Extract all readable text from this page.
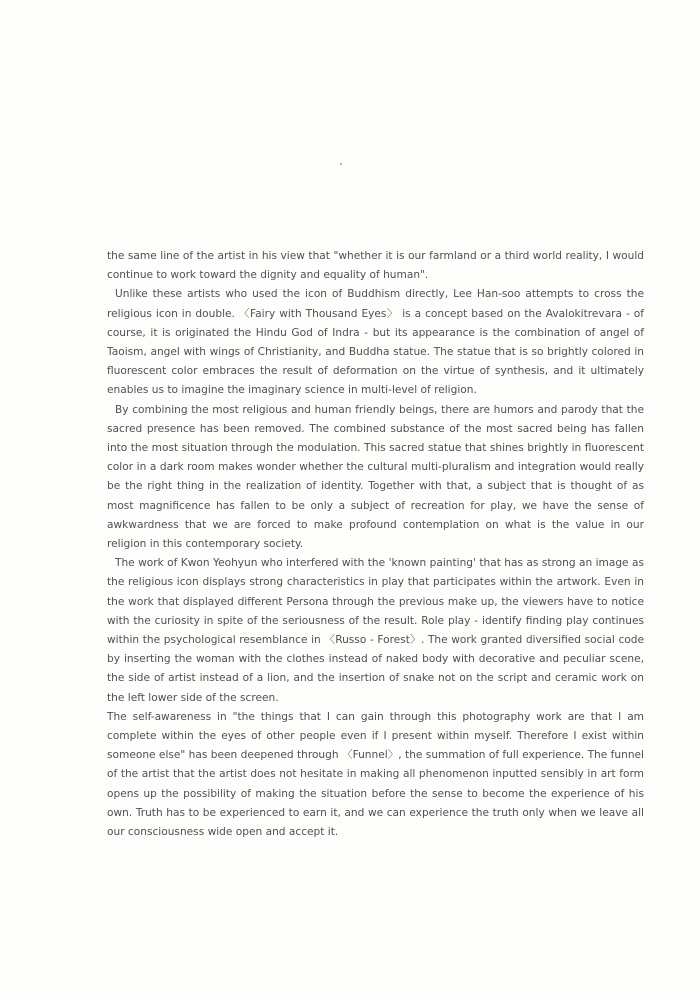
the same line of the artist in his view that "whether it is our farmland or a third world reality, I would continue to work toward the dignity and equality of human".

Unlike these artists who used the icon of Buddhism directly, Lee Han-soo attempts to cross the religious icon in double. 〈Fairy with Thousand Eyes〉 is a concept based on the Avalokitrevara - of course, it is originated the Hindu God of Indra - but its appearance is the combination of angel of Taoism, angel with wings of Christianity, and Buddha statue. The statue that is so brightly colored in fluorescent color embraces the result of deformation on the virtue of synthesis, and it ultimately enables us to imagine the imaginary science in multi-level of religion.

By combining the most religious and human friendly beings, there are humors and parody that the sacred presence has been removed. The combined substance of the most sacred being has fallen into the most situation through the modulation. This sacred statue that shines brightly in fluorescent color in a dark room makes wonder whether the cultural multi-pluralism and integration would really be the right thing in the realization of identity. Together with that, a subject that is thought of as most magnificence has fallen to be only a subject of recreation for play, we have the sense of awkwardness that we are forced to make profound contemplation on what is the value in our religion in this contemporary society.

The work of Kwon Yeohyun who interfered with the 'known painting' that has as strong an image as the religious icon displays strong characteristics in play that participates within the artwork. Even in the work that displayed different Persona through the previous make up, the viewers have to notice with the curiosity in spite of the seriousness of the result. Role play - identify finding play continues within the psychological resemblance in 〈Russo - Forest〉. The work granted diversified social code by inserting the woman with the clothes instead of naked body with decorative and peculiar scene, the side of artist instead of a lion, and the insertion of snake not on the script and ceramic work on the left lower side of the screen.

The self-awareness in "the things that I can gain through this photography work are that I am complete within the eyes of other people even if I present within myself. Therefore I exist within someone else" has been deepened through 〈Funnel〉, the summation of full experience. The funnel of the artist that the artist does not hesitate in making all phenomenon inputted sensibly in art form opens up the possibility of making the situation before the sense to become the experience of his own. Truth has to be experienced to earn it, and we can experience the truth only when we leave all our consciousness wide open and accept it.
